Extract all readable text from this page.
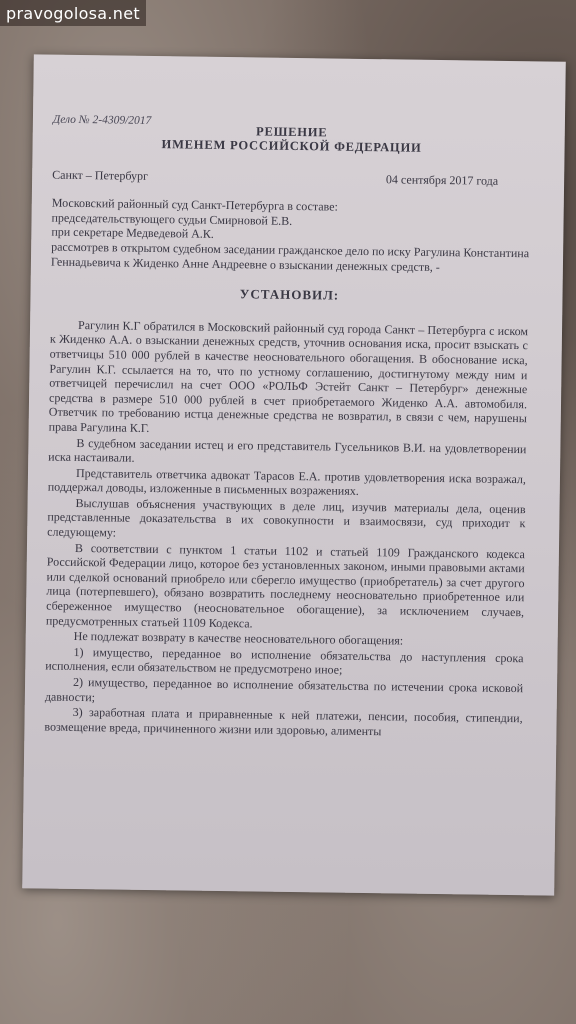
pravogolosa.net
Дело № 2-4309/2017
РЕШЕНИЕ
ИМЕНЕМ РОССИЙСКОЙ ФЕДЕРАЦИИ
Санкт – Петербург	04 сентября 2017 года

Московский районный суд Санкт-Петербурга в составе:

председательствующего судьи Смирновой Е.В.

при секретаре Медведевой А.К.

рассмотрев в открытом судебном заседании гражданское дело по иску Рагулина Константина Геннадьевича к Жиденко Анне Андреевне о взыскании денежных средств, -

УСТАНОВИЛ:

Рагулин К.Г обратился в Московский районный суд города Санкт – Петербурга с иском к Жиденко А.А. о взыскании денежных средств, уточнив основания иска, просит взыскать с ответчицы 510 000 рублей в качестве неосновательного обогащения. В обоснование иска, Рагулин К.Г. ссылается на то, что по устному соглашению, достигнутому между ним и ответчицей перечислил на счет ООО «РОЛЬФ Эстейт Санкт – Петербург» денежные средства в размере 510 000 рублей в счет приобретаемого Жиденко А.А. автомобиля. Ответчик по требованию истца денежные средства не возвратил, в связи с чем, нарушены права Рагулина К.Г.

В судебном заседании истец и его представитель Гусельников В.И. на удовлетворении иска настаивали.

Представитель ответчика адвокат Тарасов Е.А. против удовлетворения иска возражал, поддержал доводы, изложенные в письменных возражениях.

Выслушав объяснения участвующих в деле лиц, изучив материалы дела, оценив представленные доказательства в их совокупности и взаимосвязи, суд приходит к следующему:

В соответствии с пунктом 1 статьи 1102 и статьей 1109 Гражданского кодекса Российской Федерации лицо, которое без установленных законом, иными правовыми актами или сделкой оснований приобрело или сберегло имущество (приобретатель) за счет другого лица (потерпевшего), обязано возвратить последнему неосновательно приобретенное или сбереженное имущество (неосновательное обогащение), за исключением случаев, предусмотренных статьей 1109 Кодекса.

Не подлежат возврату в качестве неосновательного обогащения:

1) имущество, переданное во исполнение обязательства до наступления срока исполнения, если обязательством не предусмотрено иное;

2) имущество, переданное во исполнение обязательства по истечении срока исковой давности;

3) заработная плата и приравненные к ней платежи, пенсии, пособия, стипендии, возмещение вреда, причиненного жизни или здоровью, алименты
